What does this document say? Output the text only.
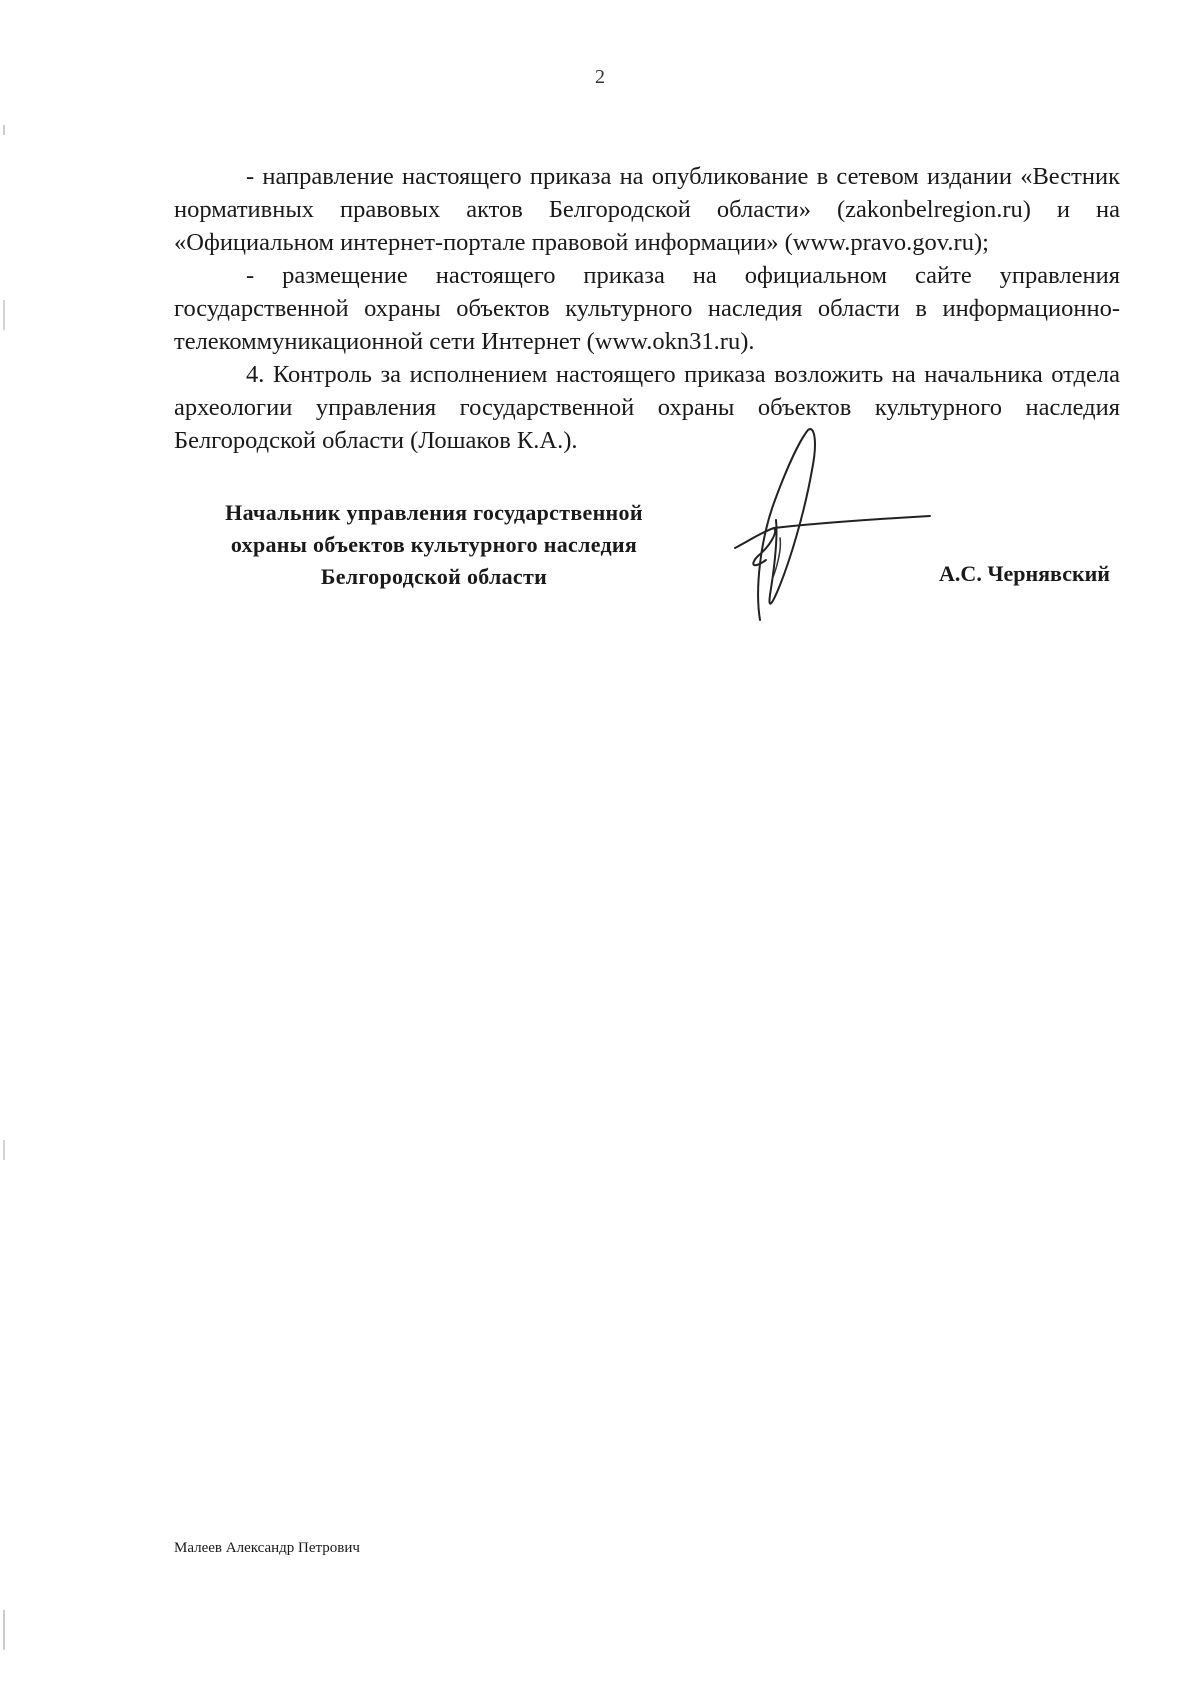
2

- направление настоящего приказа на опубликование в сетевом издании «Вестник нормативных правовых актов Белгородской области» (zakonbelregion.ru) и на «Официальном интернет-портале правовой информации» (www.pravo.gov.ru);

- размещение настоящего приказа на официальном сайте управления государственной охраны объектов культурного наследия области в информационно-телекоммуникационной сети Интернет (www.okn31.ru).

4. Контроль за исполнением настоящего приказа возложить на начальника отдела археологии управления государственной охраны объектов культурного наследия Белгородской области (Лошаков К.А.).

Начальник управления государственной
охраны объектов культурного наследия
Белгородской области	А.С. Чернявский
Малеев Александр Петрович
